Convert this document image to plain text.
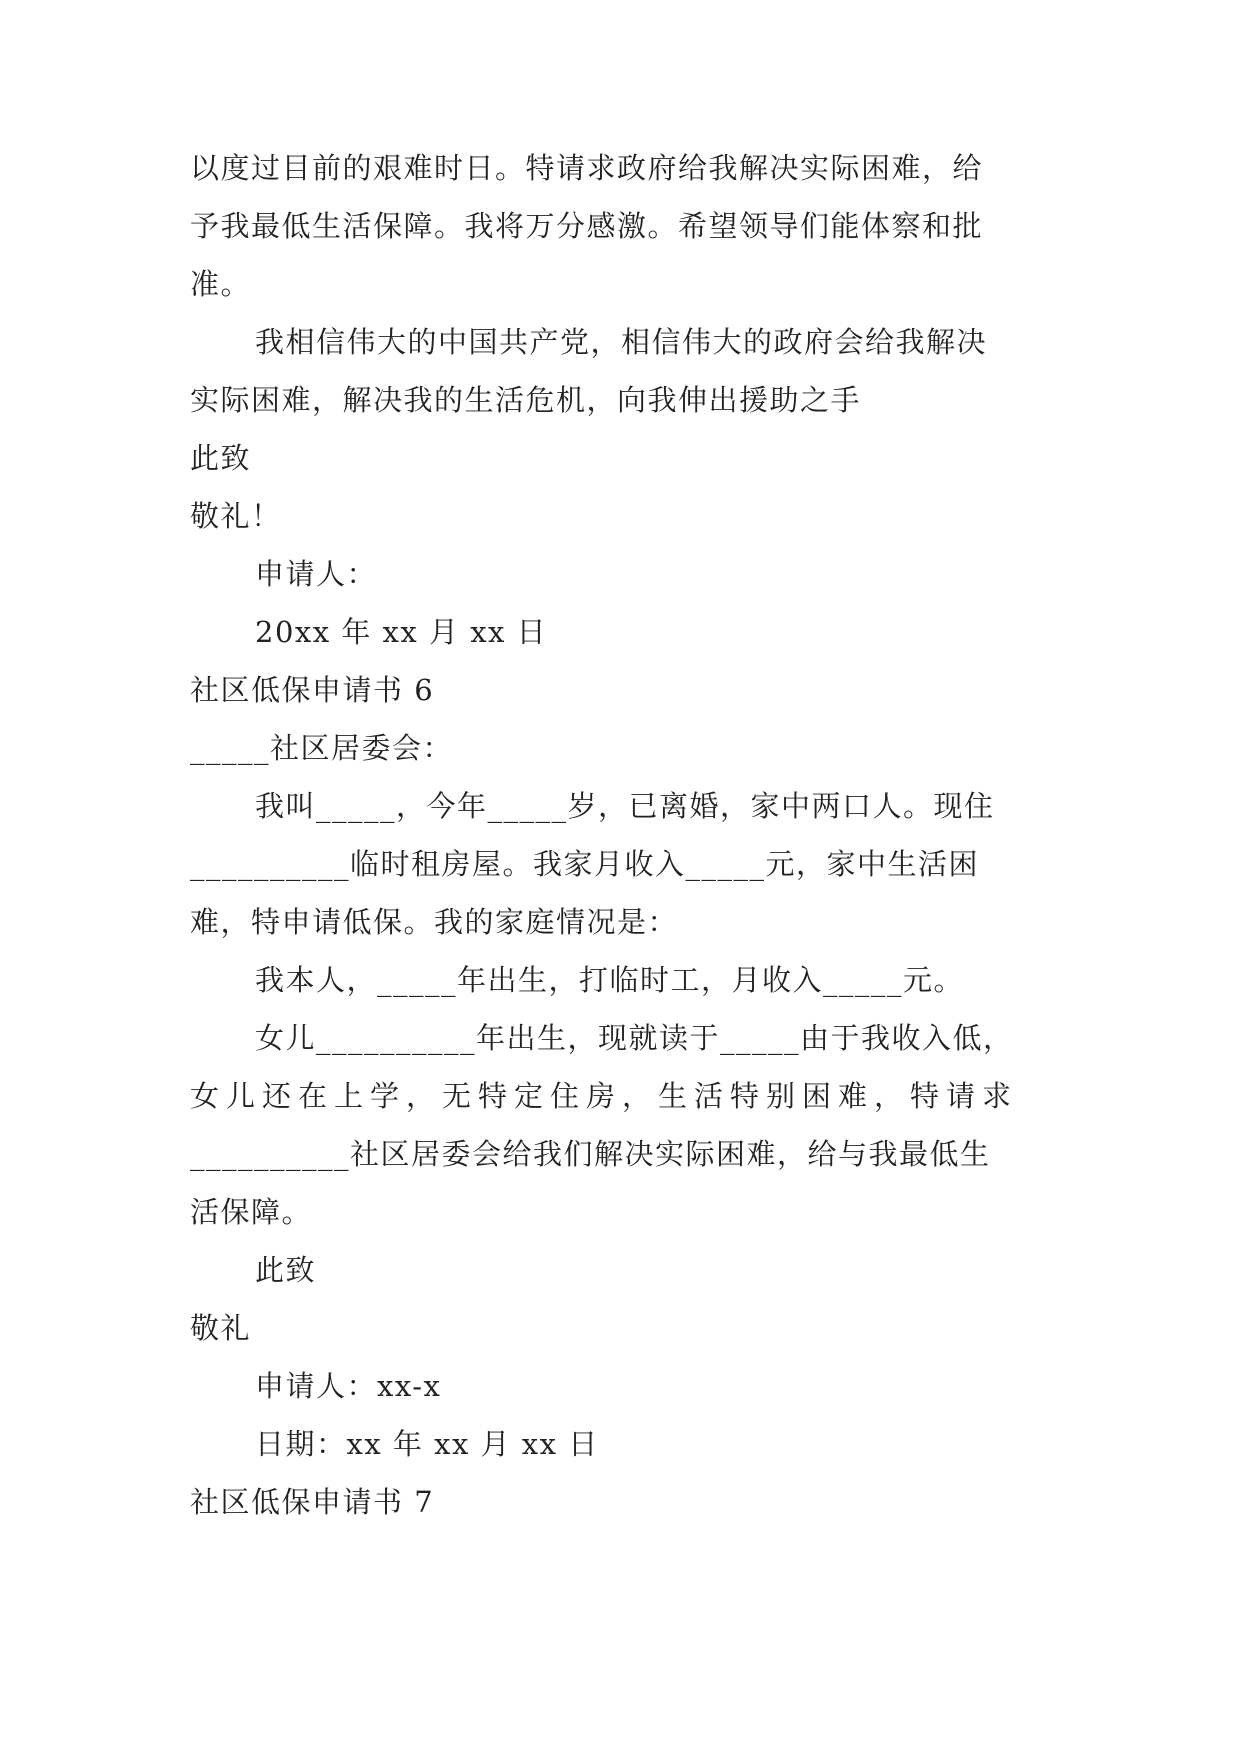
以度过目前的艰难时日。特请求政府给我解决实际困难，给
予我最低生活保障。我将万分感激。希望领导们能体察和批
准。
我相信伟大的中国共产党，相信伟大的政府会给我解决
实际困难，解决我的生活危机，向我伸出援助之手
此致
敬礼！
申请人：
20xx 年 xx 月 xx 日
社区低保申请书 6
_____社区居委会：
我叫_____，今年_____岁，已离婚，家中两口人。现住
__________临时租房屋。我家月收入_____元，家中生活困
难，特申请低保。我的家庭情况是：
我本人，_____年出生，打临时工，月收入_____元。
女儿__________年出生，现就读于_____由于我收入低，
女儿还在上学，无特定住房，生活特别困难，特请求
__________社区居委会给我们解决实际困难，给与我最低生
活保障。
此致
敬礼
申请人：xx-x
日期：xx 年 xx 月 xx 日
社区低保申请书 7
